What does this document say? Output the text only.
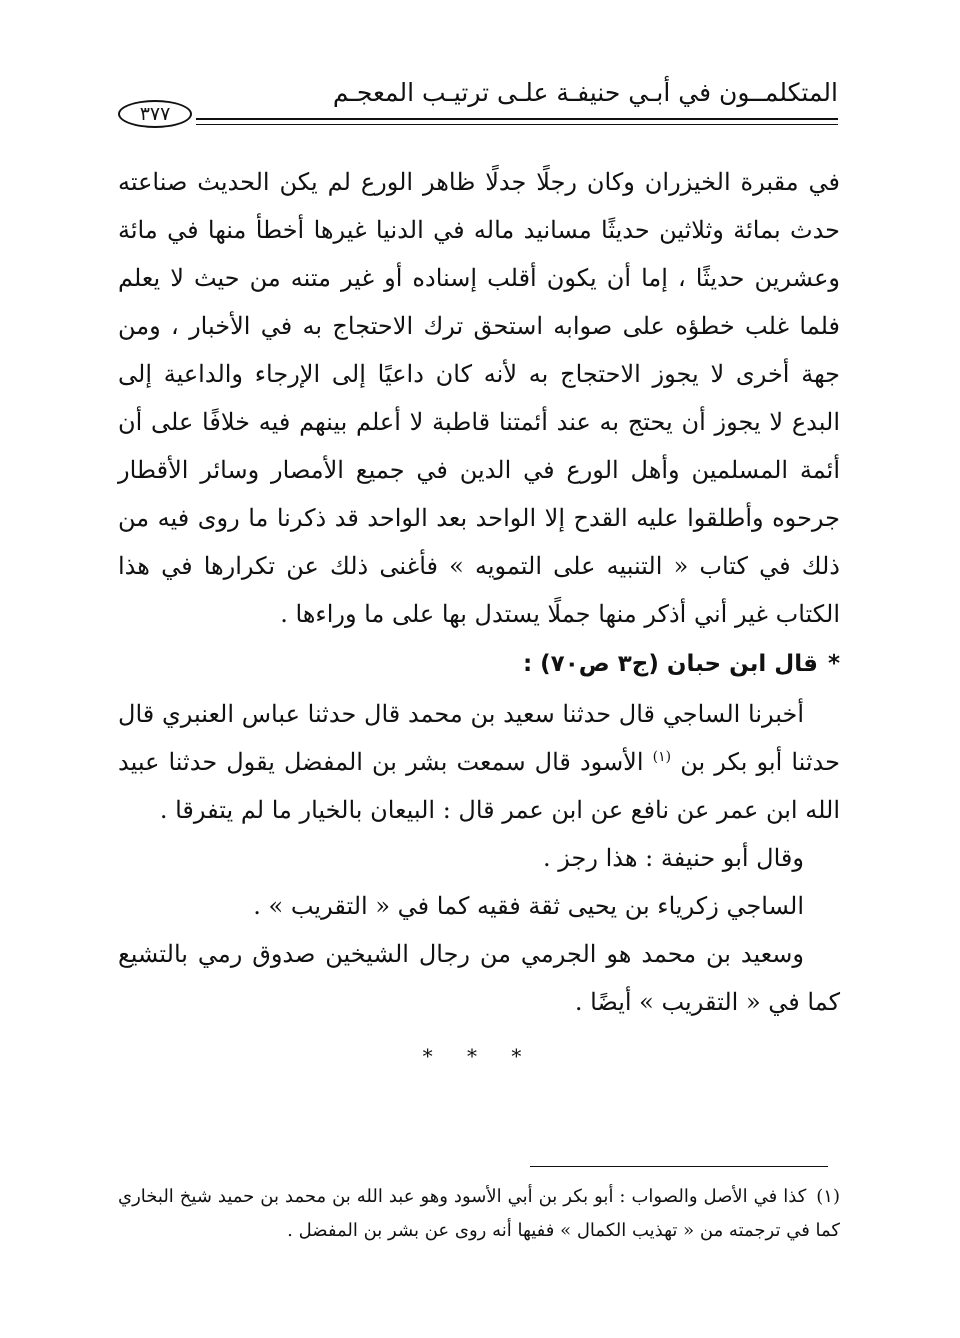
المتكلمــون في أبـي حنيفـة علـى ترتيـب المعجـم
٣٧٧

في مقبرة الخيزران وكان رجلًا جدلًا ظاهر الورع لم يكن الحديث صناعته حدث بمائة وثلاثين حديثًا مسانيد ماله في الدنيا غيرها أخطأ منها في مائة وعشرين حديثًا ، إما أن يكون أقلب إسناده أو غير متنه من حيث لا يعلم فلما غلب خطؤه على صوابه استحق ترك الاحتجاج به في الأخبار ، ومن جهة أخرى لا يجوز الاحتجاج به لأنه كان داعيًا إلى الإرجاء والداعية إلى البدع لا يجوز أن يحتج به عند أئمتنا قاطبة لا أعلم بينهم فيه خلافًا على أن أئمة المسلمين وأهل الورع في الدين في جميع الأمصار وسائر الأقطار جرحوه وأطلقوا عليه القدح إلا الواحد بعد الواحد قد ذكرنا ما روى فيه من ذلك في كتاب « التنبيه على التمويه » فأغنى ذلك عن تكرارها في هذا الكتاب غير أني أذكر منها جملًا يستدل بها على ما وراءها .

*قال ابن حبان (ج٣ ص٧٠) :

أخبرنا الساجي قال حدثنا سعيد بن محمد قال حدثنا عباس العنبري قال حدثنا أبو بكر بن $^{(١)}$ الأسود قال سمعت بشر بن المفضل يقول حدثنا عبيد الله ابن عمر عن نافع عن ابن عمر قال : البيعان بالخيار ما لم يتفرقا .

وقال أبو حنيفة : هذا رجز .

الساجي زكرياء بن يحيى ثقة فقيه كما في « التقريب » .

وسعيد بن محمد هو الجرمي من رجال الشيخين صدوق رمي بالتشيع كما في « التقريب » أيضًا .

* * *

(١)كذا في الأصل والصواب : أبو بكر بن أبي الأسود وهو عبد الله بن محمد بن حميد شيخ البخاري كما في ترجمته من « تهذيب الكمال » ففيها أنه روى عن بشر بن المفضل .
